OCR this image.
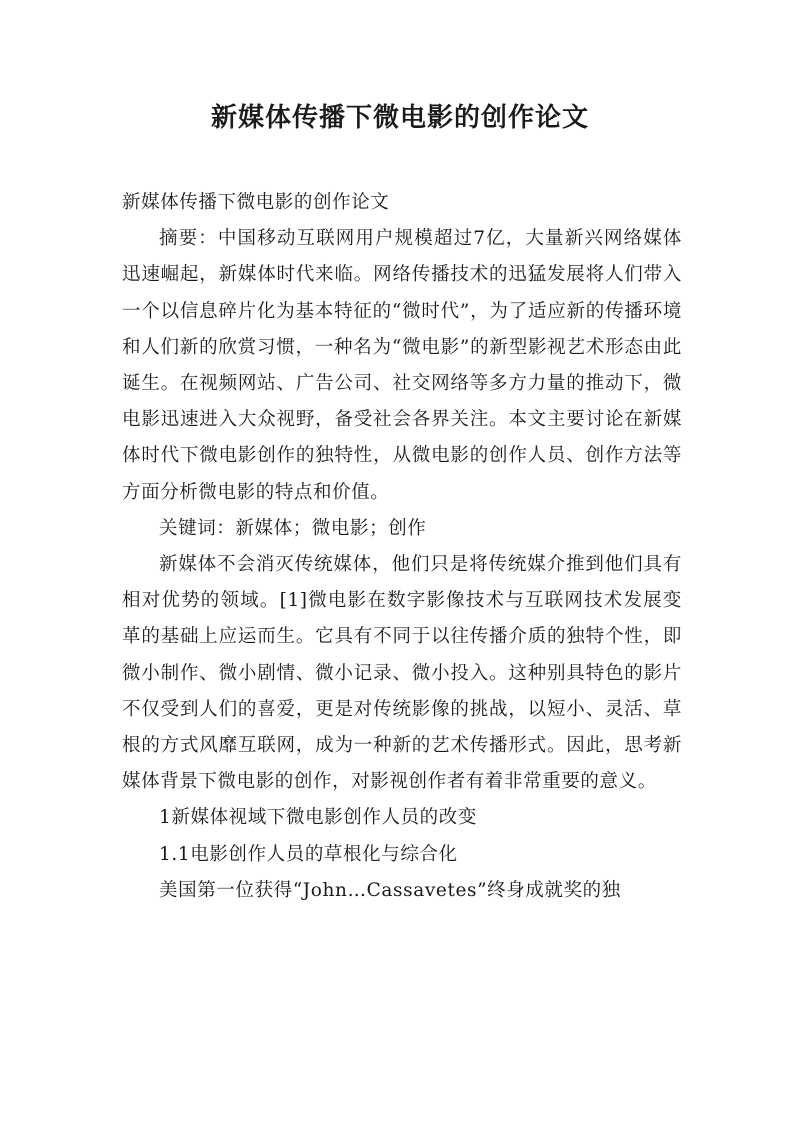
新媒体传播下微电影的创作论文

新媒体传播下微电影的创作论文

摘要：中国移动互联网用户规模超过7亿，大量新兴网络媒体迅速崛起，新媒体时代来临。网络传播技术的迅猛发展将人们带入一个以信息碎片化为基本特征的“微时代”，为了适应新的传播环境和人们新的欣赏习惯，一种名为“微电影”的新型影视艺术形态由此诞生。在视频网站、广告公司、社交网络等多方力量的推动下，微电影迅速进入大众视野，备受社会各界关注。本文主要讨论在新媒体时代下微电影创作的独特性，从微电影的创作人员、创作方法等方面分析微电影的特点和价值。

关键词：新媒体；微电影；创作

新媒体不会消灭传统媒体，他们只是将传统媒介推到他们具有相对优势的领域。[1]微电影在数字影像技术与互联网技术发展变革的基础上应运而生。它具有不同于以往传播介质的独特个性，即微小制作、微小剧情、微小记录、微小投入。这种别具特色的影片不仅受到人们的喜爱，更是对传统影像的挑战，以短小、灵活、草根的方式风靡互联网，成为一种新的艺术传播形式。因此，思考新媒体背景下微电影的创作，对影视创作者有着非常重要的意义。

1新媒体视域下微电影创作人员的改变

1.1电影创作人员的草根化与综合化

美国第一位获得“John…Cassavetes”终身成就奖的独
